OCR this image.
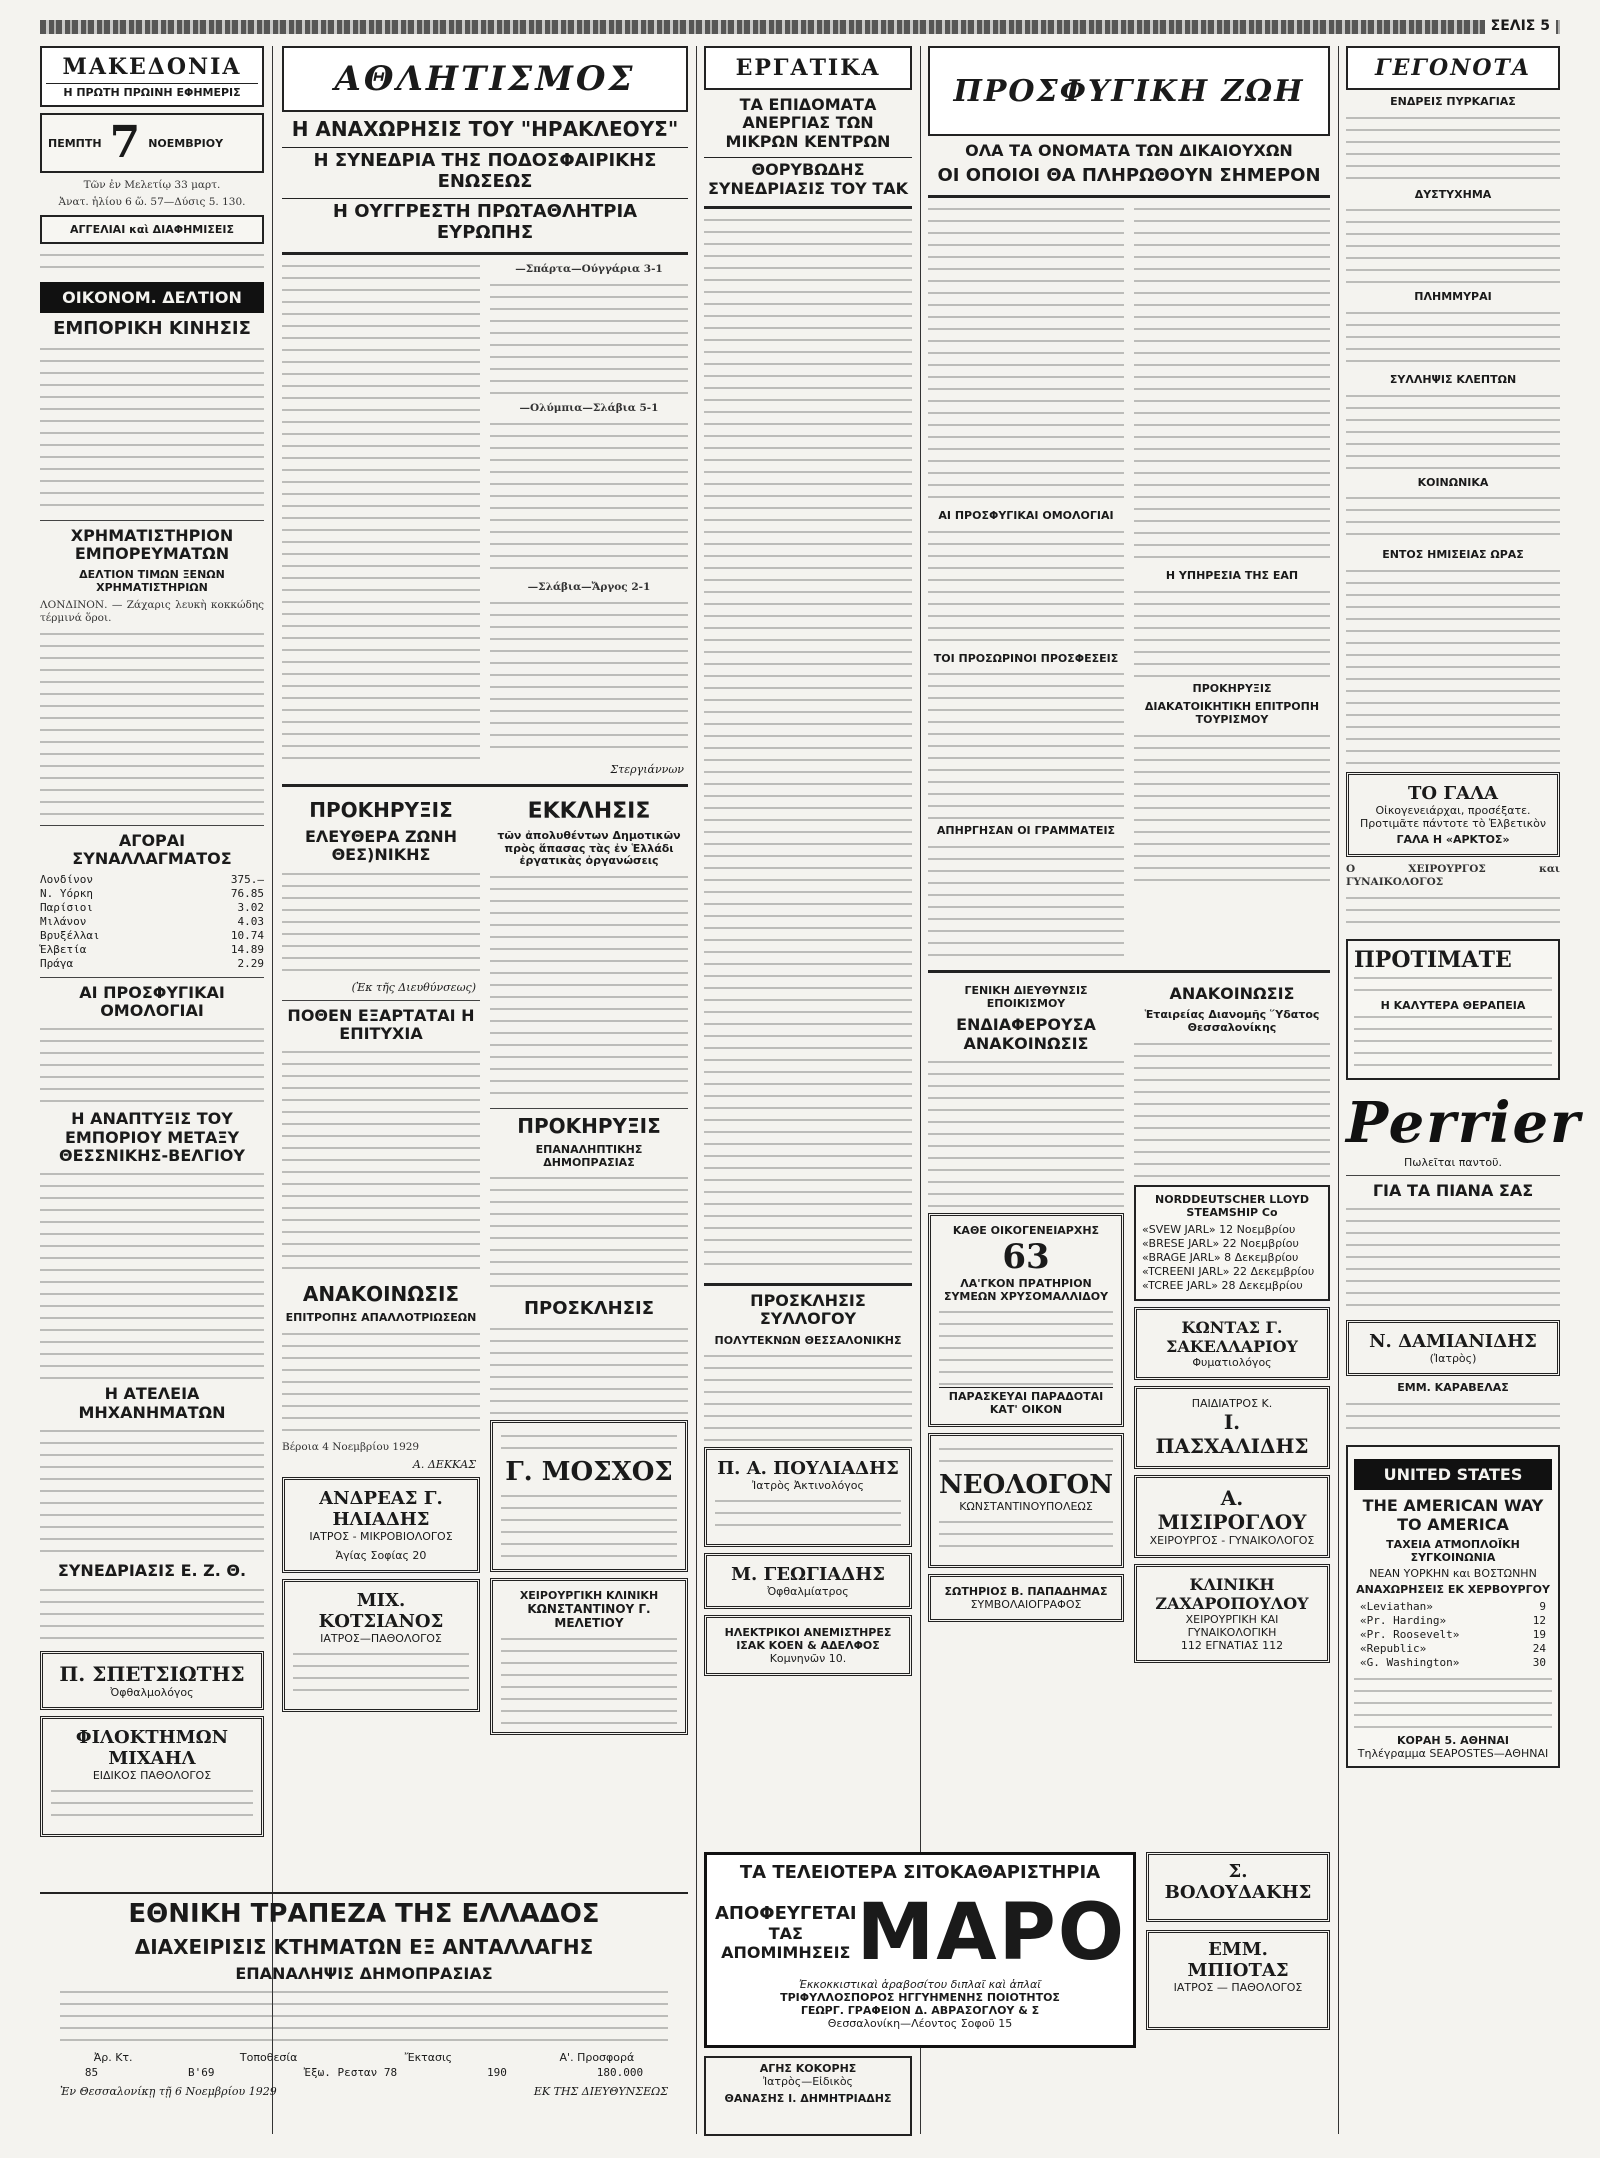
ΣΕΛΙΣ 5
ΜΑΚΕΔΟΝΙΑ
Η ΠΡΩΤΗ ΠΡΩΙΝΗ ΕΦΗΜΕΡΙΣ
ΠΕΜΠΤΗ 7 ΝΟΕΜΒΡΙΟΥ
Τῶν ἐν Μελετίῳ 33 μαρτ.
Ἀνατ. ἡλίου 6 ὥ. 57—Δύσις 5. 130.
ΑΓΓΕΛΙΑΙ καὶ ΔΙΑΦΗΜΙΣΕΙΣ
ΟΙΚΟΝΟΜ. ΔΕΛΤΙΟΝ
ΕΜΠΟΡΙΚΗ ΚΙΝΗΣΙΣ
ΧΡΗΜΑΤΙΣΤΗΡΙΟΝ ΕΜΠΟΡΕΥΜΑΤΩΝ
ΔΕΛΤΙΟΝ ΤΙΜΩΝ ΞΕΝΩΝ ΧΡΗΜΑΤΙΣΤΗΡΙΩΝ
ΛΟΝΔΙΝΟΝ. — Ζάχαρις λευκὴ κοκκώδης τέρμινά ὅροι.
ΑΓΟΡΑΙ ΣΥΝΑΛΛΑΓΜΑΤΟΣ
Λονδίνον	375.—
Ν. Υόρκη	76.85
Παρίσιοι	3.02
Μιλάνον	4.03
Βρυξέλλαι	10.74
Ἑλβετία	14.89
Πράγα	2.29
ΑΙ ΠΡΟΣΦΥΓΙΚΑΙ ΟΜΟΛΟΓΙΑΙ
Η ΑΝΑΠΤΥΞΙΣ ΤΟΥ ΕΜΠΟΡΙΟΥ ΜΕΤΑΞΥ ΘΕΣΣΝΙΚΗΣ-ΒΕΛΓΙΟΥ
Η ΑΤΕΛΕΙΑ ΜΗΧΑΝΗΜΑΤΩΝ
ΣΥΝΕΔΡΙΑΣΙΣ Ε. Ζ. Θ.
Π. ΣΠΕΤΣΙΩΤΗΣ
Ὀφθαλμολόγος
ΦΙΛΟΚΤΗΜΩΝ ΜΙΧΑΗΛ
ΕΙΔΙΚΟΣ ΠΑΘΟΛΟΓΟΣ
ΑΘΛΗΤΙΣΜΟΣ
Η ΑΝΑΧΩΡΗΣΙΣ ΤΟΥ "ΗΡΑΚΛΕΟΥΣ"
Η ΣΥΝΕΔΡΙΑ ΤΗΣ ΠΟΔΟΣΦΑΙΡΙΚΗΣ ΕΝΩΣΕΩΣ
Η ΟΥΓΓΡΕΣΤΗ ΠΡΩΤΑΘΛΗΤΡΙΑ ΕΥΡΩΠΗΣ
—Σπάρτα—Ούγγάρια 3-1
—Ολύμπια—Σλάβια 5-1
—Σλάβια—Ἄργος 2-1
Στεργιάννων
ΠΡΟΚΗΡΥΞΙΣ
ΕΛΕΥΘΕΡΑ ΖΩΝΗ ΘΕΣ)ΝΙΚΗΣ
(Ἐκ τῆς Διευθύνσεως)
ΠΟΘΕΝ ΕΞΑΡΤΑΤΑΙ Η ΕΠΙΤΥΧΙΑ
ΑΝΑΚΟΙΝΩΣΙΣ
ΕΠΙΤΡΟΠΗΣ ΑΠΑΛΛΟΤΡΙΩΣΕΩΝ
Βέροια 4 Νοεμβρίου 1929
Α. ΔΕΚΚΑΣ
ΑΝΔΡΕΑΣ Γ. ΗΛΙΑΔΗΣ
ΙΑΤΡΟΣ - ΜΙΚΡΟΒΙΟΛΟΓΟΣ
Ἁγίας Σοφίας 20
ΜΙΧ. ΚΟΤΣΙΑΝΟΣ
ΙΑΤΡΟΣ—ΠΑΘΟΛΟΓΟΣ
ΕΚΚΛΗΣΙΣ
τῶν ἀπολυθέντων Δημοτικῶν πρὸς ἅπασας τὰς ἐν Ἑλλάδι ἐργατικὰς ὀργανώσεις
ΠΡΟΚΗΡΥΞΙΣ
ΕΠΑΝΑΛΗΠΤΙΚΗΣ ΔΗΜΟΠΡΑΣΙΑΣ
ΠΡΟΣΚΛΗΣΙΣ
Γ. ΜΟΣΧΟΣ
ΧΕΙΡΟΥΡΓΙΚΗ ΚΛΙΝΙΚΗ
ΚΩΝΣΤΑΝΤΙΝΟΥ Γ. ΜΕΛΕΤΙΟΥ
ΕΡΓΑΤΙΚΑ
ΤΑ ΕΠΙΔΟΜΑΤΑ ΑΝΕΡΓΙΑΣ ΤΩΝ ΜΙΚΡΩΝ ΚΕΝΤΡΩΝ
ΘΟΡΥΒΩΔΗΣ ΣΥΝΕΔΡΙΑΣΙΣ ΤΟΥ ΤΑΚ
ΠΡΟΣΚΛΗΣΙΣ ΣΥΛΛΟΓΟΥ
ΠΟΛΥΤΕΚΝΩΝ ΘΕΣΣΑΛΟΝΙΚΗΣ
Π. Α. ΠΟΥΛΙΑΔΗΣ
Ἰατρὸς Ἀκτινολόγος
Μ. ΓΕΩΓΙΑΔΗΣ
Ὀφθαλμίατρος
ΗΛΕΚΤΡΙΚΟΙ ΑΝΕΜΙΣΤΗΡΕΣ
ΙΣΑΚ ΚΟΕΝ & ΑΔΕΛΦΟΣ
Κομνηνῶν 10.
ΠΡΟΣΦΥΓΙΚΗ ΖΩΗ
ΟΛΑ ΤΑ ΟΝΟΜΑΤΑ ΤΩΝ ΔΙΚΑΙΟΥΧΩΝ
ΟΙ ΟΠΟΙΟΙ ΘΑ ΠΛΗΡΩΘΟΥΝ ΣΗΜΕΡΟΝ
ΑΙ ΠΡΟΣΦΥΓΙΚΑΙ ΟΜΟΛΟΓΙΑΙ
ΤΟΙ ΠΡΟΣΩΡΙΝΟΙ ΠΡΟΣΦΕΣΕΙΣ
ΑΠΗΡΓΗΣΑΝ ΟΙ ΓΡΑΜΜΑΤΕΙΣ
Η ΥΠΗΡΕΣΙΑ ΤΗΣ ΕΑΠ
ΠΡΟΚΗΡΥΞΙΣ
ΔΙΑΚΑΤΟΙΚΗΤΙΚΗ ΕΠΙΤΡΟΠΗ ΤΟΥΡΙΣΜΟΥ
ΓΕΝΙΚΗ ΔΙΕΥΘΥΝΣΙΣ ΕΠΟΙΚΙΣΜΟΥ
ΕΝΔΙΑΦΕΡΟΥΣΑ ΑΝΑΚΟΙΝΩΣΙΣ
ΚΑΘΕ ΟΙΚΟΓΕΝΕΙΑΡΧΗΣ
63
ΛΑ'ΓΚΟΝ ΠΡΑΤΗΡΙΟΝ ΣΥΜΕΩΝ ΧΡΥΣΟΜΑΛΛΙΔΟΥ
ΠΑΡΑΣΚΕΥΑΙ ΠΑΡΑΔΟΤΑΙ ΚΑΤ' ΟΙΚΟΝ
ΝΕΟΛΟΓΟΝ
ΚΩΝΣΤΑΝΤΙΝΟΥΠΟΛΕΩΣ
ΣΩΤΗΡΙΟΣ Β. ΠΑΠΑΔΗΜΑΣ
ΣΥΜΒΟΛΑΙΟΓΡΑΦΟΣ
ΑΝΑΚΟΙΝΩΣΙΣ
Ἑταιρείας Διανομῆς Ὕδατος Θεσσαλονίκης
NORDDEUTSCHER LLOYD STEAMSHIP Co
«SVEW JARL» 12 Νοεμβρίου
«BRESE JARL» 22 Νοεμβρίου
«BRAGE JARL» 8 Δεκεμβρίου
«TCREENI JARL» 22 Δεκεμβρίου
«TCREE JARL» 28 Δεκεμβρίου
ΚΩΝΤΑΣ Γ. ΣΑΚΕΛΛΑΡΙΟΥ
Φυματιολόγος
ΠΑΙΔΙΑΤΡΟΣ Κ.
Ι. ΠΑΣΧΑΛΙΔΗΣ
Α. ΜΙΣΙΡΟΓΛΟΥ
ΧΕΙΡΟΥΡΓΟΣ - ΓΥΝΑΙΚΟΛΟΓΟΣ
ΚΛΙΝΙΚΗ
ΖΑΧΑΡΟΠΟΥΛΟΥ
ΧΕΙΡΟΥΡΓΙΚΗ ΚΑΙ ΓΥΝΑΙΚΟΛΟΓΙΚΗ
112 ΕΓΝΑΤΙΑΣ 112
ΓΕΓΟΝΟΤΑ
ΕΝΔΡΕΙΣ ΠΥΡΚΑΓΙΑΣ
ΔΥΣΤΥΧΗΜΑ
ΠΛΗΜΜΥΡΑΙ
ΣΥΛΛΗΨΙΣ ΚΛΕΠΤΩΝ
ΚΟΙΝΩΝΙΚΑ
ΕΝΤΟΣ ΗΜΙΣΕΙΑΣ ΩΡΑΣ
ΤΟ ΓΑΛΑ
Οἰκογενειάρχαι, προσέξατε. Προτιμᾶτε πάντοτε τὸ Ἑλβετικὸν
ΓΑΛΑ Η «ΑΡΚΤΟΣ»
Ο ΧΕΙΡΟΥΡΓΟΣ και ΓΥΝΑΙΚΟΛΟΓΟΣ
ΠΡΟΤΙΜΑΤΕ
Η ΚΑΛΥΤΕΡΑ ΘΕΡΑΠΕΙΑ
Perrier
Πωλεῖται παντοῦ.
ΓΙΑ ΤΑ ΠΙΑΝΑ ΣΑΣ
Ν. ΔΑΜΙΑΝΙΔΗΣ
(Ἰατρὸς)
ΕΜΜ. ΚΑΡΑΒΕΛΑΣ
UNITED STATES
THE AMERICAN WAY TO AMERICA
ΤΑΧΕΙΑ ΑΤΜΟΠΛΟΪΚΗ ΣΥΓΚΟΙΝΩΝΙΑ
ΝΕΑΝ ΥΟΡΚΗΝ και ΒΟΣΤΩΝΗΝ
ΑΝΑΧΩΡΗΣΕΙΣ ΕΚ ΧΕΡΒΟΥΡΓΟΥ
«Leviathan»	9
«Pr. Harding»	12
«Pr. Roosevelt»	19
«Republic»	24
«G. Washington»	30
ΚΟΡΑΗ 5. ΑΘΗΝΑΙ
Τηλέγραμμα SEAPOSTES—ΑΘΗΝΑΙ
ΕΘΝΙΚΗ ΤΡΑΠΕΖΑ ΤΗΣ ΕΛΛΑΔΟΣ
ΔΙΑΧΕΙΡΙΣΙΣ ΚΤΗΜΑΤΩΝ ΕΞ ΑΝΤΑΛΛΑΓΗΣ
ΕΠΑΝΑΛΗΨΙΣ ΔΗΜΟΠΡΑΣΙΑΣ
Ἀρ. Κτ.	Τοποθεσία	Ἔκτασις	Α'. Προσφορά
85	Β'69	Ἐξω. Ρεσταν 78	190	180.000
Ἐν Θεσσαλονίκῃ τῇ 6 Νοεμβρίου 1929	ΕΚ ΤΗΣ ΔΙΕΥΘΥΝΣΕΩΣ
ΤΑ ΤΕΛΕΙΟΤΕΡΑ ΣΙΤΟΚΑΘΑΡΙΣΤΗΡΙΑ
ΑΠΟΦΕΥΓΕΤΑΙ
ΤΑΣ ΑΠΟΜΙΜΗΣΕΙΣ ΜΑΡΟ
Ἐκκοκκιστικαὶ ἁραβοσίτου διπλαῖ καὶ ἁπλαῖ
ΤΡΙΦΥΛΛΟΣΠΟΡΟΣ ΗΓΓΥΗΜΕΝΗΣ ΠΟΙΟΤΗΤΟΣ
ΓΕΩΡΓ. ΓΡΑΦΕΙΟΝ Δ. ΑΒΡΑΣΟΓΛΟΥ & Σ
Θεσσαλονίκη—Λέοντος Σοφοῦ 15
ΑΓΗΣ ΚΟΚΟΡΗΣ
Ἰατρὸς—Εἰδικὸς
ΘΑΝΑΣΗΣ Ι. ΔΗΜΗΤΡΙΑΔΗΣ
Σ. ΒΟΛΟΥΔΑΚΗΣ
ΕΜΜ. ΜΠΙΟΤΑΣ
ΙΑΤΡΟΣ — ΠΑΘΟΛΟΓΟΣ
